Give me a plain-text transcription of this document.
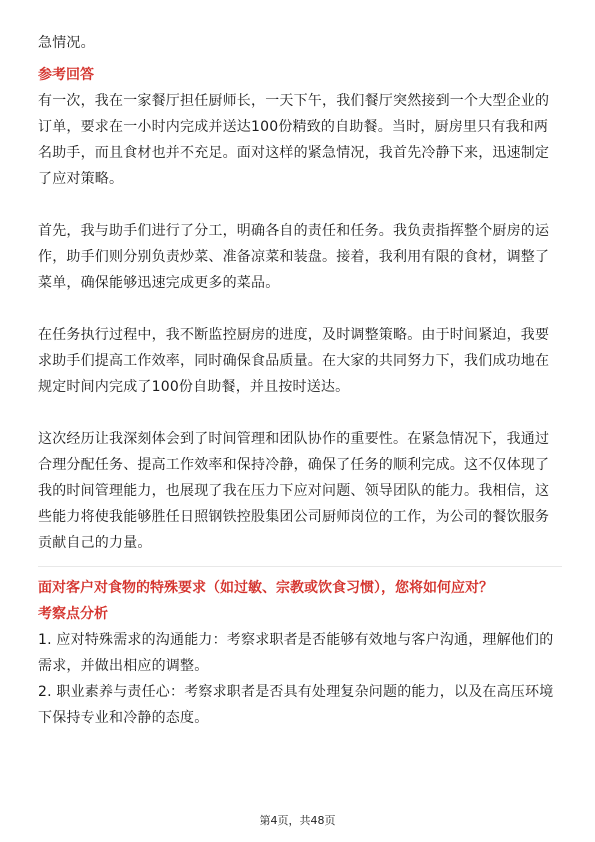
急情况。

参考回答

有一次，我在一家餐厅担任厨师长，一天下午，我们餐厅突然接到一个大型企业的

订单，要求在一小时内完成并送达100份精致的自助餐。当时，厨房里只有我和两

名助手，而且食材也并不充足。面对这样的紧急情况，我首先冷静下来，迅速制定

了应对策略。

首先，我与助手们进行了分工，明确各自的责任和任务。我负责指挥整个厨房的运

作，助手们则分别负责炒菜、准备凉菜和装盘。接着，我利用有限的食材，调整了

菜单，确保能够迅速完成更多的菜品。

在任务执行过程中，我不断监控厨房的进度，及时调整策略。由于时间紧迫，我要

求助手们提高工作效率，同时确保食品质量。在大家的共同努力下，我们成功地在

规定时间内完成了100份自助餐，并且按时送达。

这次经历让我深刻体会到了时间管理和团队协作的重要性。在紧急情况下，我通过

合理分配任务、提高工作效率和保持冷静，确保了任务的顺利完成。这不仅体现了

我的时间管理能力，也展现了我在压力下应对问题、领导团队的能力。我相信，这

些能力将使我能够胜任日照钢铁控股集团公司厨师岗位的工作，为公司的餐饮服务

贡献自己的力量。

面对客户对食物的特殊要求（如过敏、宗教或饮食习惯），您将如何应对？

考察点分析

1. 应对特殊需求的沟通能力：考察求职者是否能够有效地与客户沟通，理解他们的

需求，并做出相应的调整。

2. 职业素养与责任心：考察求职者是否具有处理复杂问题的能力，以及在高压环境

下保持专业和冷静的态度。

第4页，共48页
